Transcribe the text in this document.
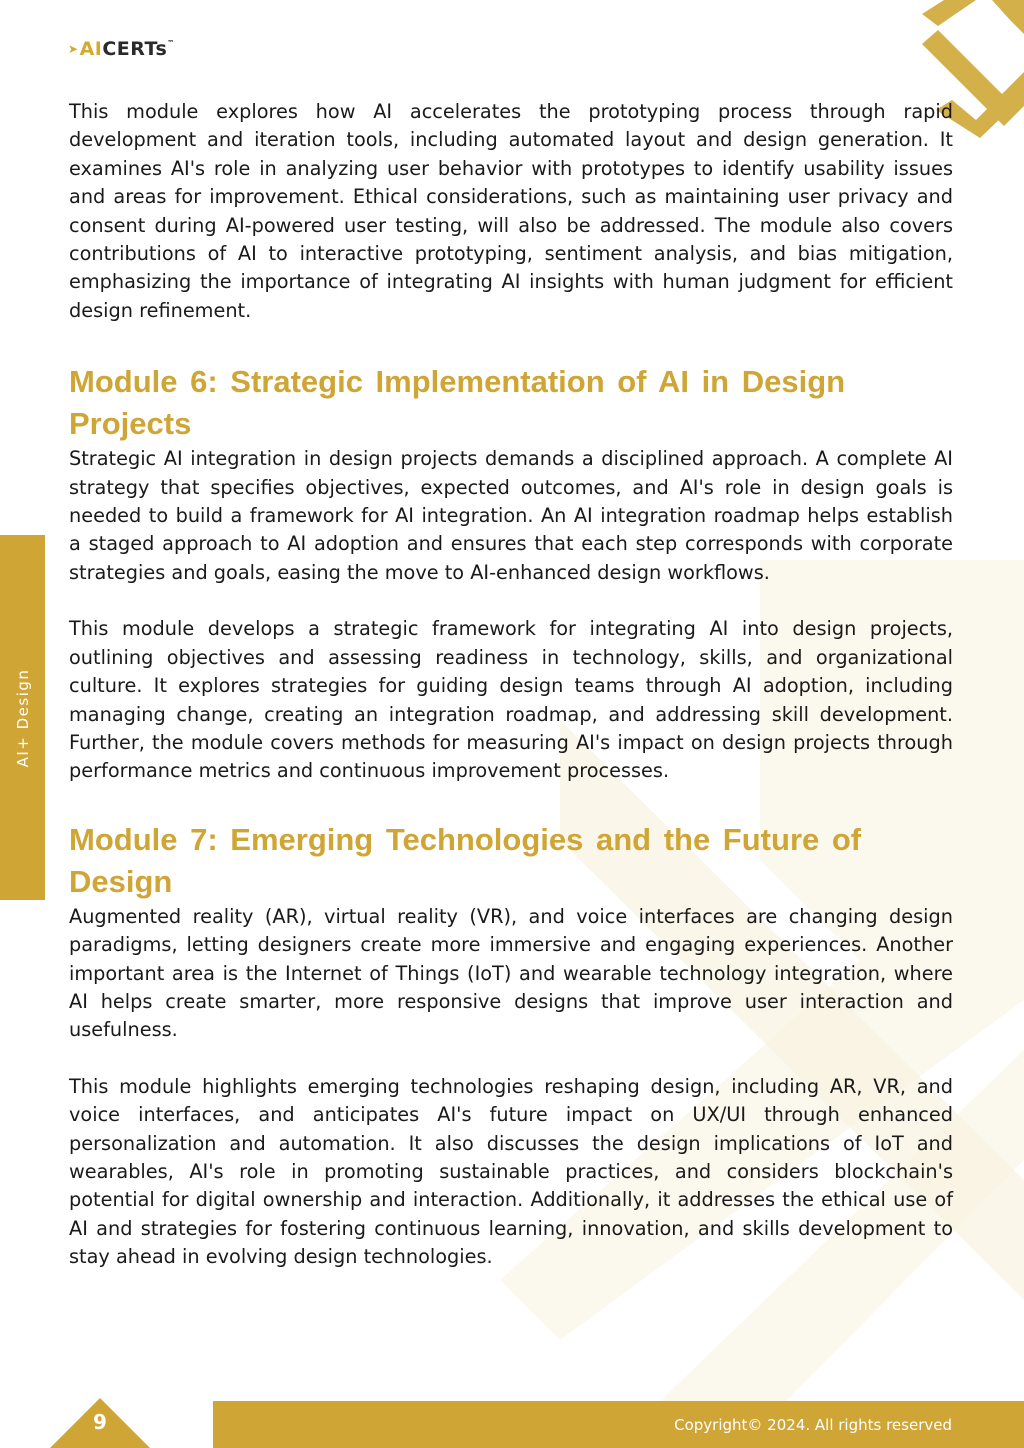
➤ AI CERTs ™
AI+ Design

This module explores how AI accelerates the prototyping process through rapid development and iteration tools, including automated layout and design generation. It examines AI's role in analyzing user behavior with prototypes to identify usability issues and areas for improvement. Ethical considerations, such as maintaining user privacy and consent during AI-powered user testing, will also be addressed. The module also covers contributions of AI to interactive prototyping, sentiment analysis, and bias mitigation, emphasizing the importance of integrating AI insights with human judgment for efficient design refinement.

Module 6: Strategic Implementation of AI in Design Projects

Strategic AI integration in design projects demands a disciplined approach. A complete AI strategy that specifies objectives, expected outcomes, and AI's role in design goals is needed to build a framework for AI integration. An AI integration roadmap helps establish a staged approach to AI adoption and ensures that each step corresponds with corporate strategies and goals, easing the move to AI-enhanced design workflows.

This module develops a strategic framework for integrating AI into design projects, outlining objectives and assessing readiness in technology, skills, and organizational culture. It explores strategies for guiding design teams through AI adoption, including managing change, creating an integration roadmap, and addressing skill development. Further, the module covers methods for measuring AI's impact on design projects through performance metrics and continuous improvement processes.

Module 7: Emerging Technologies and the Future of Design

Augmented reality (AR), virtual reality (VR), and voice interfaces are changing design paradigms, letting designers create more immersive and engaging experiences. Another important area is the Internet of Things (IoT) and wearable technology integration, where AI helps create smarter, more responsive designs that improve user interaction and usefulness.

This module highlights emerging technologies reshaping design, including AR, VR, and voice interfaces, and anticipates AI's future impact on UX/UI through enhanced personalization and automation. It also discusses the design implications of IoT and wearables, AI's role in promoting sustainable practices, and considers blockchain's potential for digital ownership and interaction. Additionally, it addresses the ethical use of AI and strategies for fostering continuous learning, innovation, and skills development to stay ahead in evolving design technologies.

Copyright© 2024. All rights reserved
9
